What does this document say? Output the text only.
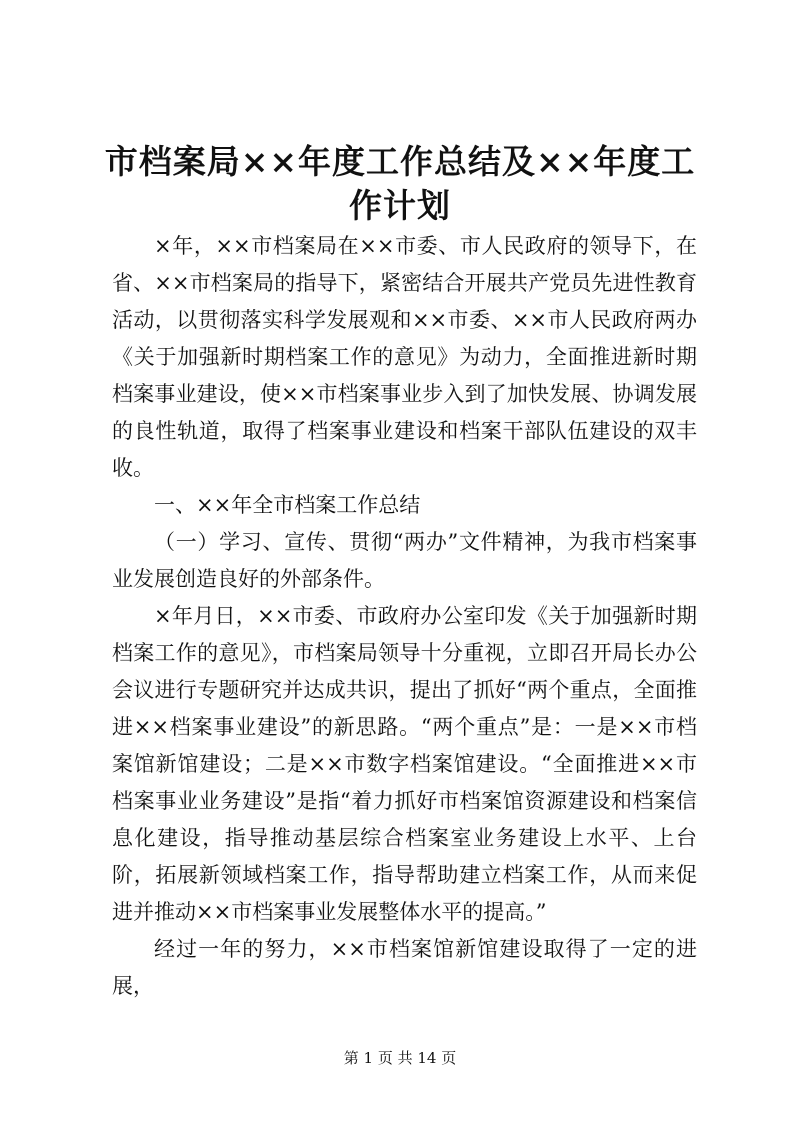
市档案局××年度工作总结及××年度工作计划

×年，××市档案局在××市委、市人民政府的领导下，在省、××市档案局的指导下，紧密结合开展共产党员先进性教育活动，以贯彻落实科学发展观和××市委、××市人民政府两办《关于加强新时期档案工作的意见》为动力，全面推进新时期档案事业建设，使××市档案事业步入到了加快发展、协调发展的良性轨道，取得了档案事业建设和档案干部队伍建设的双丰收。

一、××年全市档案工作总结

（一）学习、宣传、贯彻“两办”文件精神，为我市档案事业发展创造良好的外部条件。

×年月日，××市委、市政府办公室印发《关于加强新时期档案工作的意见》，市档案局领导十分重视，立即召开局长办公会议进行专题研究并达成共识，提出了抓好“两个重点，全面推进××档案事业建设”的新思路。“两个重点”是：一是××市档案馆新馆建设；二是××市数字档案馆建设。“全面推进××市档案事业业务建设”是指“着力抓好市档案馆资源建设和档案信息化建设，指导推动基层综合档案室业务建设上水平、上台阶，拓展新领域档案工作，指导帮助建立档案工作，从而来促进并推动××市档案事业发展整体水平的提高。”

经过一年的努力，××市档案馆新馆建设取得了一定的进展，

第 1 页 共 14 页
